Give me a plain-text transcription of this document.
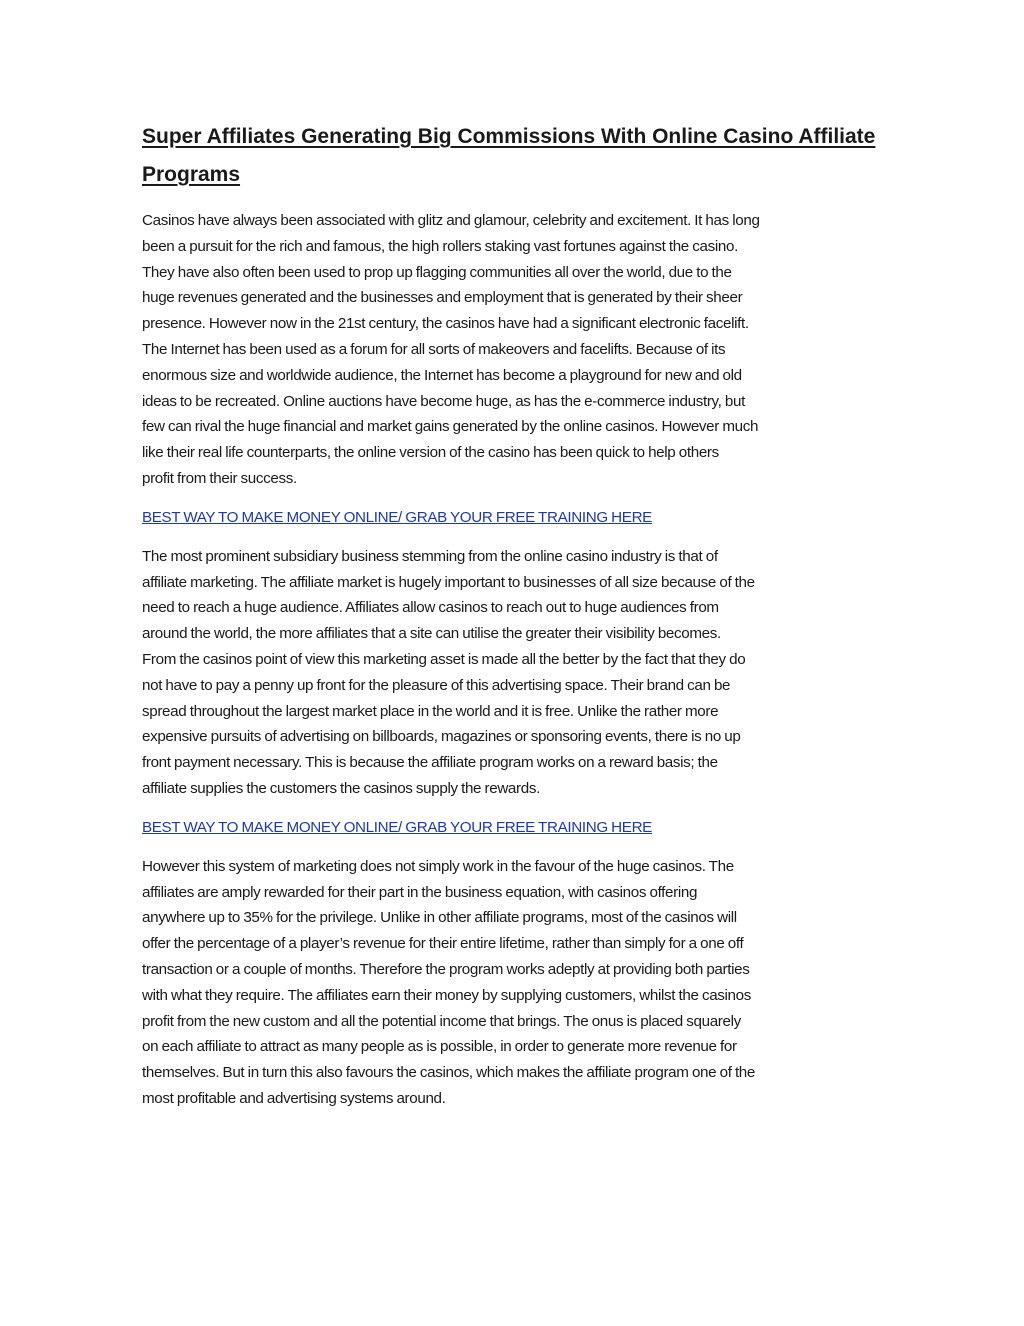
Super Affiliates Generating Big Commissions With Online Casino Affiliate Programs

Casinos have always been associated with glitz and glamour, celebrity and excitement. It has long
been a pursuit for the rich and famous, the high rollers staking vast fortunes against the casino.
They have also often been used to prop up flagging communities all over the world, due to the
huge revenues generated and the businesses and employment that is generated by their sheer
presence. However now in the 21st century, the casinos have had a significant electronic facelift.
The Internet has been used as a forum for all sorts of makeovers and facelifts. Because of its
enormous size and worldwide audience, the Internet has become a playground for new and old
ideas to be recreated. Online auctions have become huge, as has the e-commerce industry, but
few can rival the huge financial and market gains generated by the online casinos. However much
like their real life counterparts, the online version of the casino has been quick to help others
profit from their success.

BEST WAY TO MAKE MONEY ONLINE/ GRAB YOUR FREE TRAINING HERE

The most prominent subsidiary business stemming from the online casino industry is that of
affiliate marketing. The affiliate market is hugely important to businesses of all size because of the
need to reach a huge audience. Affiliates allow casinos to reach out to huge audiences from
around the world, the more affiliates that a site can utilise the greater their visibility becomes.
From the casinos point of view this marketing asset is made all the better by the fact that they do
not have to pay a penny up front for the pleasure of this advertising space. Their brand can be
spread throughout the largest market place in the world and it is free. Unlike the rather more
expensive pursuits of advertising on billboards, magazines or sponsoring events, there is no up
front payment necessary. This is because the affiliate program works on a reward basis; the
affiliate supplies the customers the casinos supply the rewards.

BEST WAY TO MAKE MONEY ONLINE/ GRAB YOUR FREE TRAINING HERE

However this system of marketing does not simply work in the favour of the huge casinos. The
affiliates are amply rewarded for their part in the business equation, with casinos offering
anywhere up to 35% for the privilege. Unlike in other affiliate programs, most of the casinos will
offer the percentage of a player’s revenue for their entire lifetime, rather than simply for a one off
transaction or a couple of months. Therefore the program works adeptly at providing both parties
with what they require. The affiliates earn their money by supplying customers, whilst the casinos
profit from the new custom and all the potential income that brings. The onus is placed squarely
on each affiliate to attract as many people as is possible, in order to generate more revenue for
themselves. But in turn this also favours the casinos, which makes the affiliate program one of the
most profitable and advertising systems around.
